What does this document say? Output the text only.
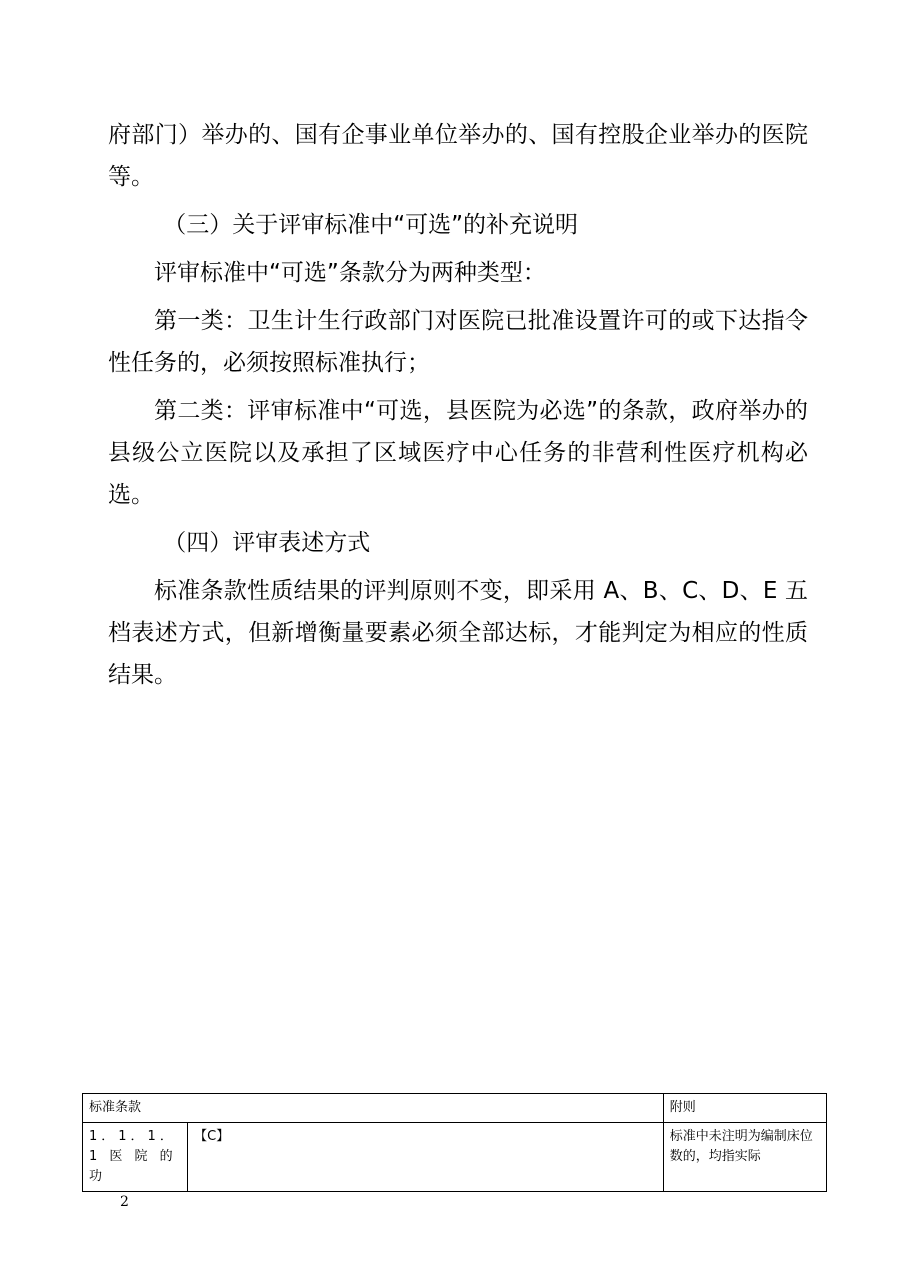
府部门）举办的、国有企事业单位举办的、国有控股企业举办的医院等。

（三）关于评审标准中“可选”的补充说明

评审标准中“可选”条款分为两种类型：

第一类：卫生计生行政部门对医院已批准设置许可的或下达指令性任务的，必须按照标准执行；

第二类：评审标准中“可选，县医院为必选”的条款，政府举办的县级公立医院以及承担了区域医疗中心任务的非营利性医疗机构必选。

（四）评审表述方式

标准条款性质结果的评判原则不变，即采用 A、B、C、D、E 五档表述方式，但新增衡量要素必须全部达标，才能判定为相应的性质结果。

标准条款		附则
1．1．1．1 医 院 的 功	【C】	标准中未注明为编制床位数的，均指实际
2
